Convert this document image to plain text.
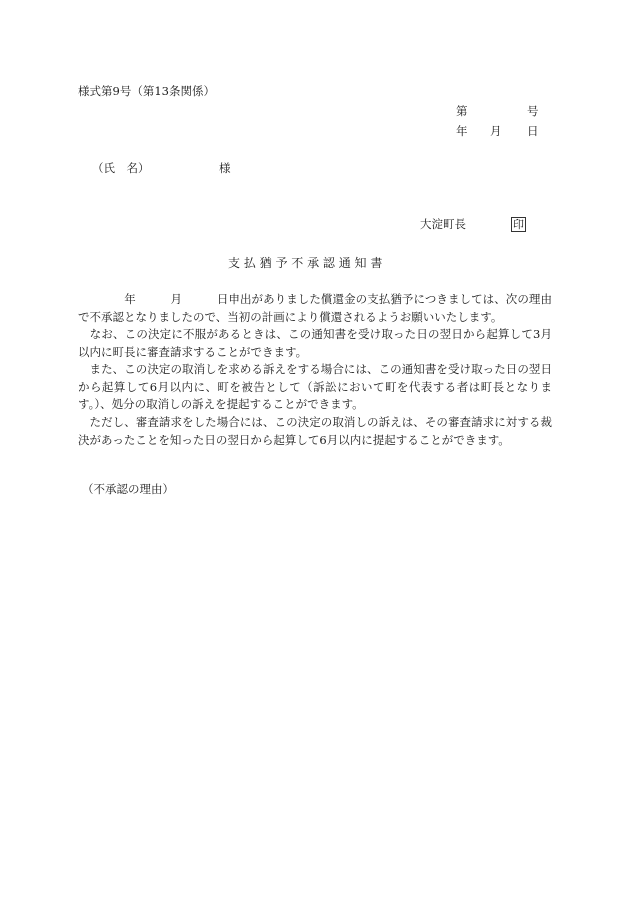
様式第9号（第13条関係）
第	号
年 月 日
（氏　名）	様
大淀町長	印
支 払 猶 予 不 承 認 通 知 書
　　　　年　　　月　　　日申出がありました償還金の支払猶予につきましては、次の理由で不承認となりましたので、当初の計画により償還されるようお願いいたします。
　なお、この決定に不服があるときは、この通知書を受け取った日の翌日から起算して3月以内に町長に審査請求することができます。
　また、この決定の取消しを求める訴えをする場合には、この通知書を受け取った日の翌日から起算して6月以内に、町を被告として（訴訟において町を代表する者は町長となります。）、処分の取消しの訴えを提起することができます。
　ただし、審査請求をした場合には、この決定の取消しの訴えは、その審査請求に対する裁決があったことを知った日の翌日から起算して6月以内に提起することができます。
（不承認の理由）
